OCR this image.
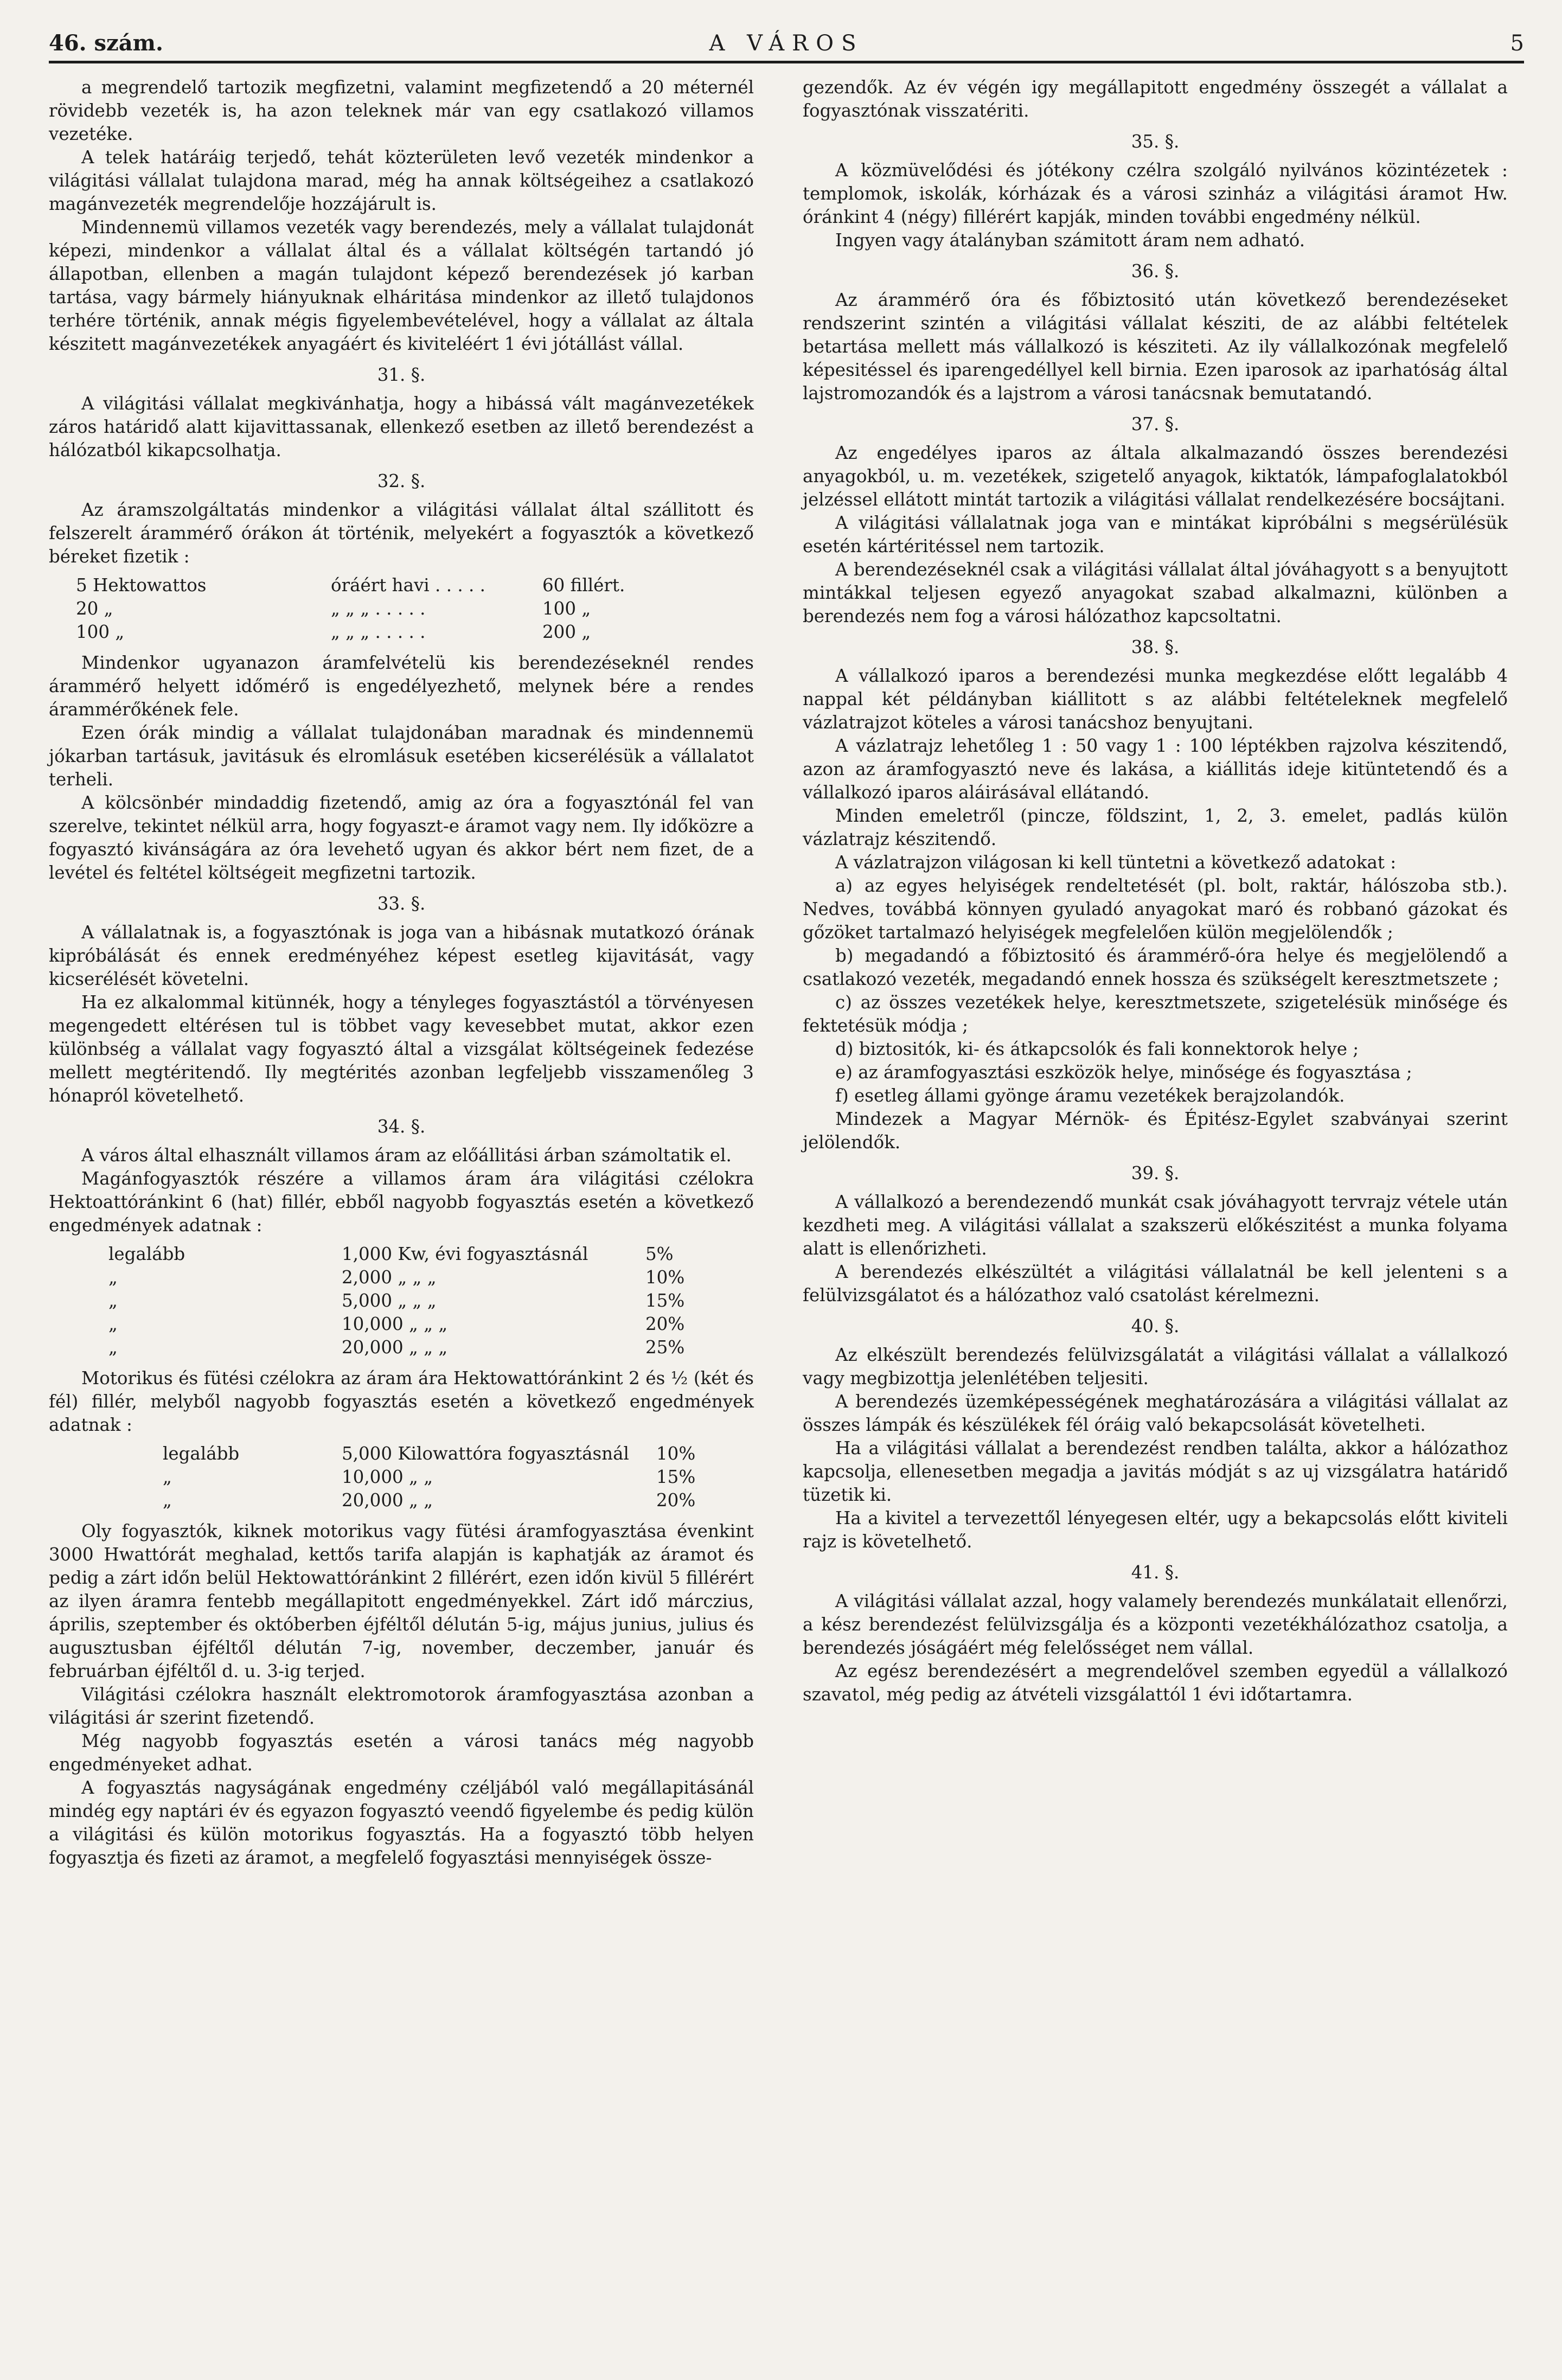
46. szám.	A VÁROS	5

a megrendelő tartozik megfizetni, valamint megfizetendő a 20 méternél rövidebb vezeték is, ha azon teleknek már van egy csatlakozó villamos vezetéke.

A telek határáig terjedő, tehát közterületen levő vezeték mindenkor a világitási vállalat tulajdona marad, még ha annak költségeihez a csatlakozó magánvezeték megrendelője hozzájárult is.

Mindennemü villamos vezeték vagy berendezés, mely a vállalat tulajdonát képezi, mindenkor a vállalat által és a vállalat költségén tartandó jó állapotban, ellenben a magán tulajdont képező berendezések jó karban tartása, vagy bármely hiányuknak elháritása mindenkor az illető tulajdonos terhére történik, annak mégis figyelembevételével, hogy a vállalat az általa készitett magánvezetékek anyagáért és kiviteléért 1 évi jótállást vállal.

31. §.

A világitási vállalat megkivánhatja, hogy a hibássá vált magánvezetékek záros határidő alatt kijavittassanak, ellenkező esetben az illető berendezést a hálózatból kikapcsolhatja.

32. §.

Az áramszolgáltatás mindenkor a világitási vállalat által szállitott és felszerelt árammérő órákon át történik, melyekért a fogyasztók a következő béreket fizetik :

5 Hektowattos	óráért havi . . . . .	60 fillért.
20 „	„ „ „ . . . . .	100 „
100 „	„ „ „ . . . . .	200 „

Mindenkor ugyanazon áramfelvételü kis berendezéseknél rendes árammérő helyett időmérő is engedélyezhető, melynek bére a rendes árammérőkének fele.

Ezen órák mindig a vállalat tulajdonában maradnak és mindennemü jókarban tartásuk, javitásuk és elromlásuk esetében kicserélésük a vállalatot terheli.

A kölcsönbér mindaddig fizetendő, amig az óra a fogyasztónál fel van szerelve, tekintet nélkül arra, hogy fogyaszt-e áramot vagy nem. Ily időközre a fogyasztó kivánságára az óra levehető ugyan és akkor bért nem fizet, de a levétel és feltétel költségeit megfizetni tartozik.

33. §.

A vállalatnak is, a fogyasztónak is joga van a hibásnak mutatkozó órának kipróbálását és ennek eredményéhez képest esetleg kijavitását, vagy kicserélését követelni.

Ha ez alkalommal kitünnék, hogy a tényleges fogyasztástól a törvényesen megengedett eltérésen tul is többet vagy kevesebbet mutat, akkor ezen különbség a vállalat vagy fogyasztó által a vizsgálat költségeinek fedezése mellett megtéritendő. Ily megtérités azonban legfeljebb visszamenőleg 3 hónapról követelhető.

34. §.

A város által elhasznált villamos áram az előállitási árban számoltatik el.

Magánfogyasztók részére a villamos áram ára világitási czélokra Hektoattóránkint 6 (hat) fillér, ebből nagyobb fogyasztás esetén a következő engedmények adatnak :

legalább	1,000 Kw, évi fogyasztásnál	5%
„	2,000 „ „ „	10%
„	5,000 „ „ „	15%
„	10,000 „ „ „	20%
„	20,000 „ „ „	25%

Motorikus és fütési czélokra az áram ára Hektowattóránkint 2 és ½ (két és fél) fillér, melyből nagyobb fogyasztás esetén a következő engedmények adatnak :

legalább	5,000 Kilowattóra fogyasztásnál	10%
„	10,000 „ „	15%
„	20,000 „ „	20%

Oly fogyasztók, kiknek motorikus vagy fütési áramfogyasztása évenkint 3000 Hwattórát meghalad, kettős tarifa alapján is kaphatják az áramot és pedig a zárt időn belül Hektowattóránkint 2 fillérért, ezen időn kivül 5 fillérért az ilyen áramra fentebb megállapitott engedményekkel. Zárt idő márczius, április, szeptember és októberben éjféltől délután 5-ig, május junius, julius és augusztusban éjféltől délután 7-ig, november, deczember, január és februárban éjféltől d. u. 3-ig terjed.

Világitási czélokra használt elektromotorok áramfogyasztása azonban a világitási ár szerint fizetendő.

Még nagyobb fogyasztás esetén a városi tanács még nagyobb engedményeket adhat.

A fogyasztás nagyságának engedmény czéljából való megállapitásánál mindég egy naptári év és egyazon fogyasztó veendő figyelembe és pedig külön a világitási és külön motorikus fogyasztás. Ha a fogyasztó több helyen fogyasztja és fizeti az áramot, a megfelelő fogyasztási mennyiségek össze-

gezendők. Az év végén igy megállapitott engedmény összegét a vállalat a fogyasztónak visszatériti.

35. §.

A közmüvelődési és jótékony czélra szolgáló nyilvános közintézetek : templomok, iskolák, kórházak és a városi szinház a világitási áramot Hw. óránkint 4 (négy) fillérért kapják, minden további engedmény nélkül.

Ingyen vagy átalányban számitott áram nem adható.

36. §.

Az árammérő óra és főbiztositó után következő berendezéseket rendszerint szintén a világitási vállalat késziti, de az alábbi feltételek betartása mellett más vállalkozó is késziteti. Az ily vállalkozónak megfelelő képesitéssel és iparengedéllyel kell birnia. Ezen iparosok az iparhatóság által lajstromozandók és a lajstrom a városi tanácsnak bemutatandó.

37. §.

Az engedélyes iparos az általa alkalmazandó összes berendezési anyagokból, u. m. vezetékek, szigetelő anyagok, kiktatók, lámpafoglalatokból jelzéssel ellátott mintát tartozik a világitási vállalat rendelkezésére bocsájtani.

A világitási vállalatnak joga van e mintákat kipróbálni s megsérülésük esetén kártéritéssel nem tartozik.

A berendezéseknél csak a világitási vállalat által jóváhagyott s a benyujtott mintákkal teljesen egyező anyagokat szabad alkalmazni, különben a berendezés nem fog a városi hálózathoz kapcsoltatni.

38. §.

A vállalkozó iparos a berendezési munka megkezdése előtt legalább 4 nappal két példányban kiállitott s az alábbi feltételeknek megfelelő vázlatrajzot köteles a városi tanácshoz benyujtani.

A vázlatrajz lehetőleg 1 : 50 vagy 1 : 100 léptékben rajzolva készitendő, azon az áramfogyasztó neve és lakása, a kiállitás ideje kitüntetendő és a vállalkozó iparos aláirásával ellátandó.

Minden emeletről (pincze, földszint, 1, 2, 3. emelet, padlás külön vázlatrajz készitendő.

A vázlatrajzon világosan ki kell tüntetni a következő adatokat :

a) az egyes helyiségek rendeltetését (pl. bolt, raktár, hálószoba stb.). Nedves, továbbá könnyen gyuladó anyagokat maró és robbanó gázokat és gőzöket tartalmazó helyiségek megfelelően külön megjelölendők ;

b) megadandó a főbiztositó és árammérő-óra helye és megjelölendő a csatlakozó vezeték, megadandó ennek hossza és szükségelt keresztmetszete ;

c) az összes vezetékek helye, keresztmetszete, szigetelésük minősége és fektetésük módja ;

d) biztositók, ki- és átkapcsolók és fali konnektorok helye ;

e) az áramfogyasztási eszközök helye, minősége és fogyasztása ;

f) esetleg állami gyönge áramu vezetékek berajzolandók.

Mindezek a Magyar Mérnök- és Épitész-Egylet szabványai szerint jelölendők.

39. §.

A vállalkozó a berendezendő munkát csak jóváhagyott tervrajz vétele után kezdheti meg. A világitási vállalat a szakszerü előkészitést a munka folyama alatt is ellenőrizheti.

A berendezés elkészültét a világitási vállalatnál be kell jelenteni s a felülvizsgálatot és a hálózathoz való csatolást kérelmezni.

40. §.

Az elkészült berendezés felülvizsgálatát a világitási vállalat a vállalkozó vagy megbizottja jelenlétében teljesiti.

A berendezés üzemképességének meghatározására a világitási vállalat az összes lámpák és készülékek fél óráig való bekapcsolását követelheti.

Ha a világitási vállalat a berendezést rendben találta, akkor a hálózathoz kapcsolja, ellenesetben megadja a javitás módját s az uj vizsgálatra határidő tüzetik ki.

Ha a kivitel a tervezettől lényegesen eltér, ugy a bekapcsolás előtt kiviteli rajz is követelhető.

41. §.

A világitási vállalat azzal, hogy valamely berendezés munkálatait ellenőrzi, a kész berendezést felülvizsgálja és a központi vezetékhálózathoz csatolja, a berendezés jóságáért még felelősséget nem vállal.

Az egész berendezésért a megrendelővel szemben egyedül a vállalkozó szavatol, még pedig az átvételi vizsgálattól 1 évi időtartamra.
